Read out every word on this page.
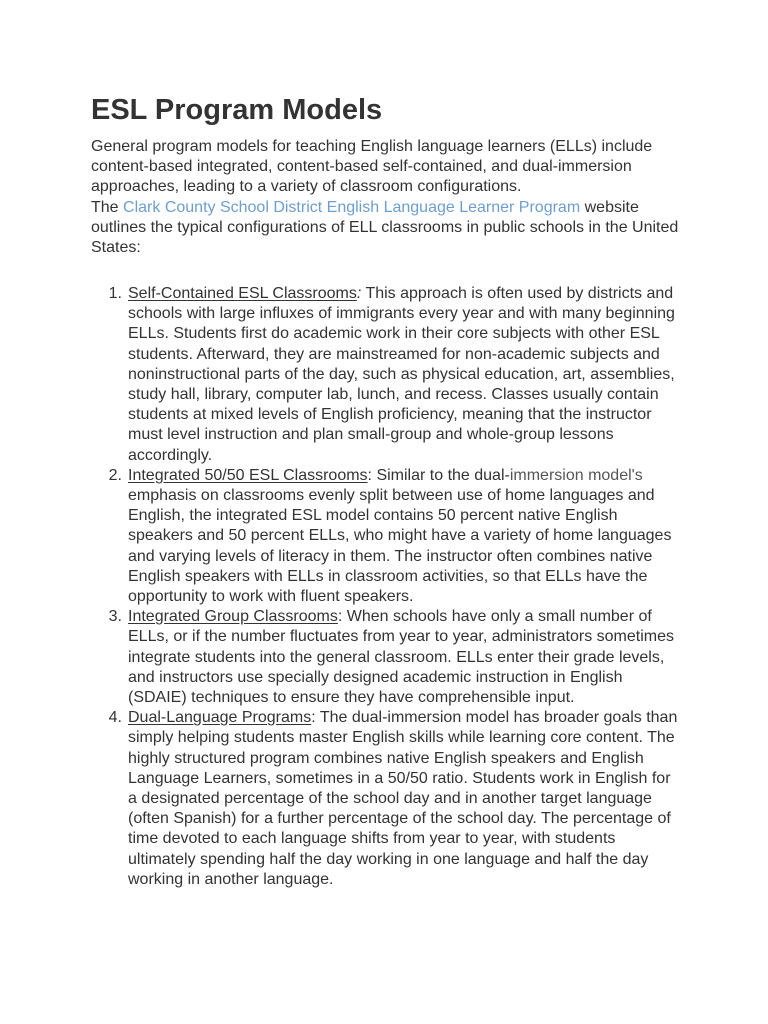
ESL Program Models

General program models for teaching English language learners (ELLs) include content-based integrated, content-based self-contained, and dual-immersion approaches, leading to a variety of classroom configurations.
The Clark County School District English Language Learner Program website outlines the typical configurations of ELL classrooms in public schools in the United States:

1. Self-Contained ESL Classrooms: This approach is often used by districts and schools with large influxes of immigrants every year and with many beginning ELLs. Students first do academic work in their core subjects with other ESL students. Afterward, they are mainstreamed for non-academic subjects and noninstructional parts of the day, such as physical education, art, assemblies, study hall, library, computer lab, lunch, and recess. Classes usually contain students at mixed levels of English proficiency, meaning that the instructor must level instruction and plan small-group and whole-group lessons accordingly.
2. Integrated 50/50 ESL Classrooms: Similar to the dual-immersion model's emphasis on classrooms evenly split between use of home languages and English, the integrated ESL model contains 50 percent native English speakers and 50 percent ELLs, who might have a variety of home languages and varying levels of literacy in them. The instructor often combines native English speakers with ELLs in classroom activities, so that ELLs have the opportunity to work with fluent speakers.
3. Integrated Group Classrooms: When schools have only a small number of ELLs, or if the number fluctuates from year to year, administrators sometimes integrate students into the general classroom. ELLs enter their grade levels, and instructors use specially designed academic instruction in English (SDAIE) techniques to ensure they have comprehensible input.
4. Dual-Language Programs: The dual-immersion model has broader goals than simply helping students master English skills while learning core content. The highly structured program combines native English speakers and English Language Learners, sometimes in a 50/50 ratio. Students work in English for a designated percentage of the school day and in another target language (often Spanish) for a further percentage of the school day. The percentage of time devoted to each language shifts from year to year, with students ultimately spending half the day working in one language and half the day working in another language.
